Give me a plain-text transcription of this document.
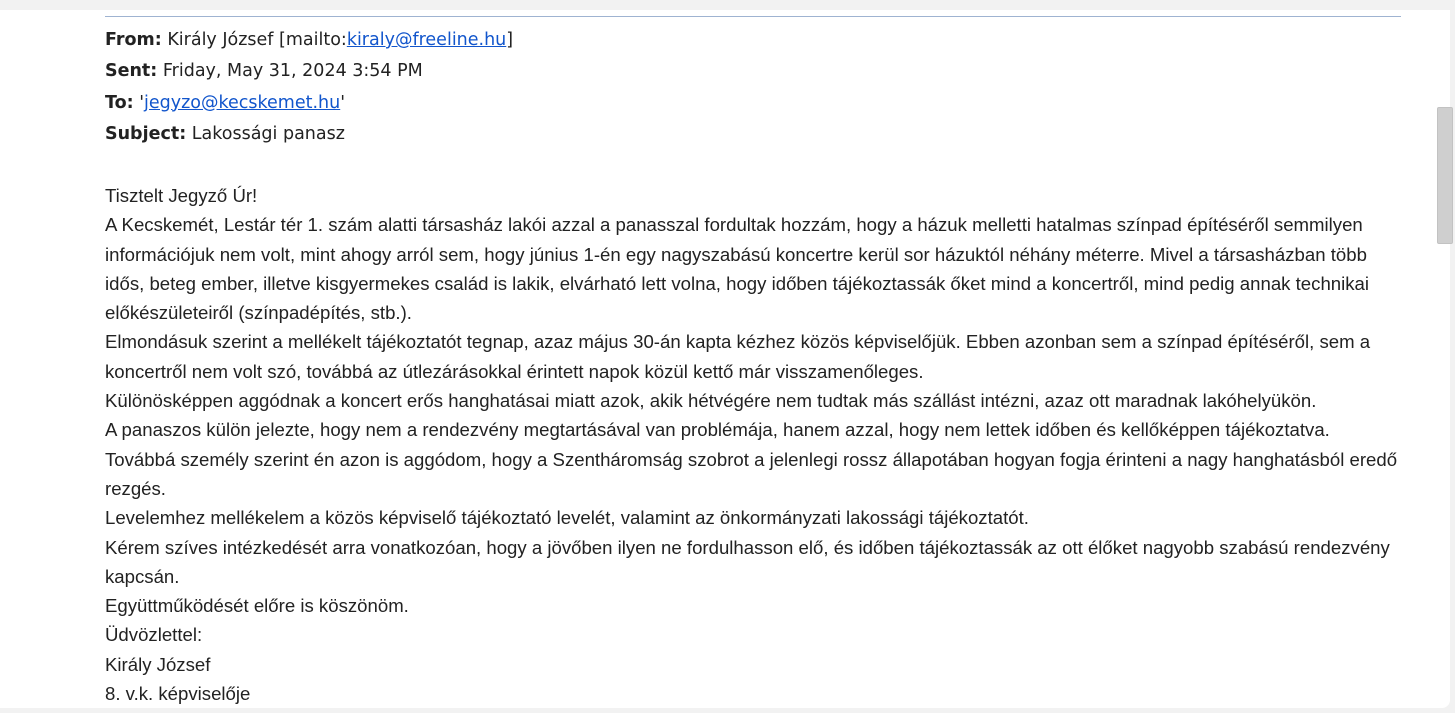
From: Király József [mailto:kiraly@freeline.hu]
Sent: Friday, May 31, 2024 3:54 PM
To: 'jegyzo@kecskemet.hu'
Subject: Lakossági panasz

Tisztelt Jegyző Úr!

A Kecskemét, Lestár tér 1. szám alatti társasház lakói azzal a panasszal fordultak hozzám, hogy a házuk melletti hatalmas színpad építéséről semmilyen információjuk nem volt, mint ahogy arról sem, hogy június 1-én egy nagyszabású koncertre kerül sor házuktól néhány méterre. Mivel a társasházban több idős, beteg ember, illetve kisgyermekes család is lakik, elvárható lett volna, hogy időben tájékoztassák őket mind a koncertről, mind pedig annak technikai előkészületeiről (színpadépítés, stb.).

Elmondásuk szerint a mellékelt tájékoztatót tegnap, azaz május 30-án kapta kézhez közös képviselőjük. Ebben azonban sem a színpad építéséről, sem a koncertről nem volt szó, továbbá az útlezárásokkal érintett napok közül kettő már visszamenőleges.

Különösképpen aggódnak a koncert erős hanghatásai miatt azok, akik hétvégére nem tudtak más szállást intézni, azaz ott maradnak lakóhelyükön.

A panaszos külön jelezte, hogy nem a rendezvény megtartásával van problémája, hanem azzal, hogy nem lettek időben és kellőképpen tájékoztatva.

Továbbá személy szerint én azon is aggódom, hogy a Szentháromság szobrot a jelenlegi rossz állapotában hogyan fogja érinteni a nagy hanghatásból eredő rezgés.

Levelemhez mellékelem a közös képviselő tájékoztató levelét, valamint az önkormányzati lakossági tájékoztatót.

Kérem szíves intézkedését arra vonatkozóan, hogy a jövőben ilyen ne fordulhasson elő, és időben tájékoztassák az ott élőket nagyobb szabású rendezvény kapcsán.

Együttműködését előre is köszönöm.

Üdvözlettel:

Király József

8. v.k. képviselője
